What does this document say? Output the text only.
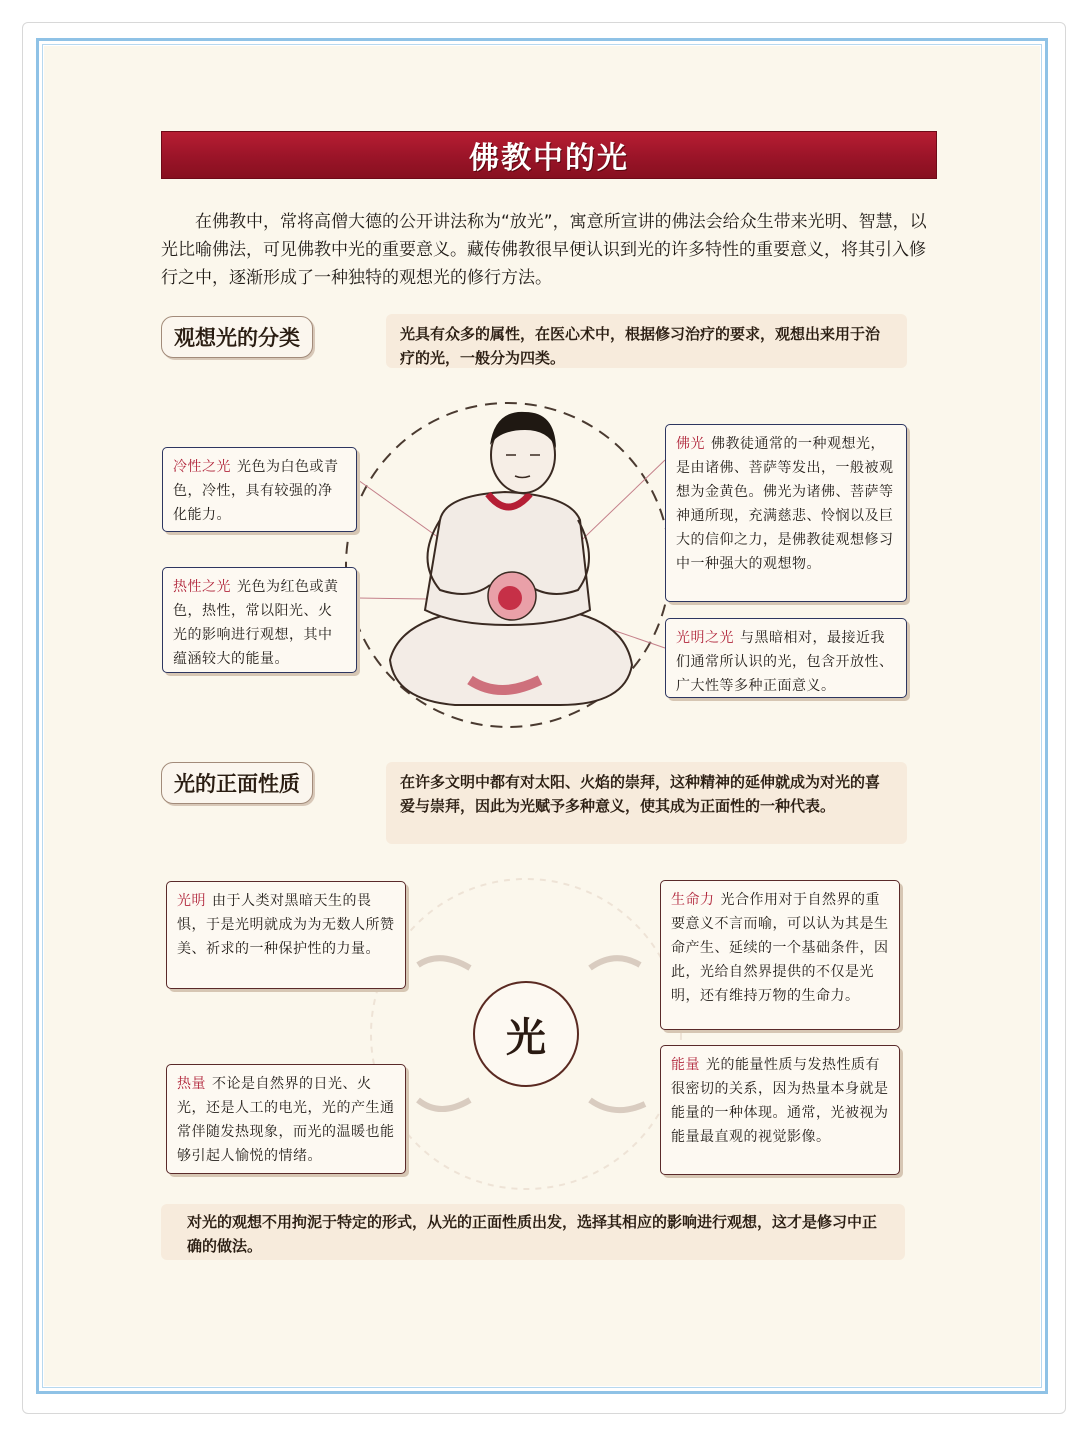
佛教中的光
在佛教中，常将高僧大德的公开讲法称为“放光”，寓意所宣讲的佛法会给众生带来光明、智慧，以光比喻佛法，可见佛教中光的重要意义。藏传佛教很早便认识到光的许多特性的重要意义，将其引入修行之中，逐渐形成了一种独特的观想光的修行方法。
观想光的分类	光具有众多的属性，在医心术中，根据修习治疗的要求，观想出来用于治疗的光，一般分为四类。
冷性之光 光色为白色或青色，冷性，具有较强的净化能力。
热性之光 光色为红色或黄色，热性，常以阳光、火光的影响进行观想，其中蕴涵较大的能量。
佛光 佛教徒通常的一种观想光，是由诸佛、菩萨等发出，一般被观想为金黄色。佛光为诸佛、菩萨等神通所现，充满慈悲、怜悯以及巨大的信仰之力，是佛教徒观想修习中一种强大的观想物。
光明之光 与黑暗相对，最接近我们通常所认识的光，包含开放性、广大性等多种正面意义。
光的正面性质	在许多文明中都有对太阳、火焰的崇拜，这种精神的延伸就成为对光的喜爱与崇拜，因此为光赋予多种意义，使其成为正面性的一种代表。
光明 由于人类对黑暗天生的畏惧，于是光明就成为为无数人所赞美、祈求的一种保护性的力量。
生命力 光合作用对于自然界的重要意义不言而喻，可以认为其是生命产生、延续的一个基础条件，因此，光给自然界提供的不仅是光明，还有维持万物的生命力。
热量 不论是自然界的日光、火光，还是人工的电光，光的产生通常伴随发热现象，而光的温暖也能够引起人愉悦的情绪。
能量 光的能量性质与发热性质有很密切的关系，因为热量本身就是能量的一种体现。通常，光被视为能量最直观的视觉影像。
光
对光的观想不用拘泥于特定的形式，从光的正面性质出发，选择其相应的影响进行观想，这才是修习中正确的做法。
